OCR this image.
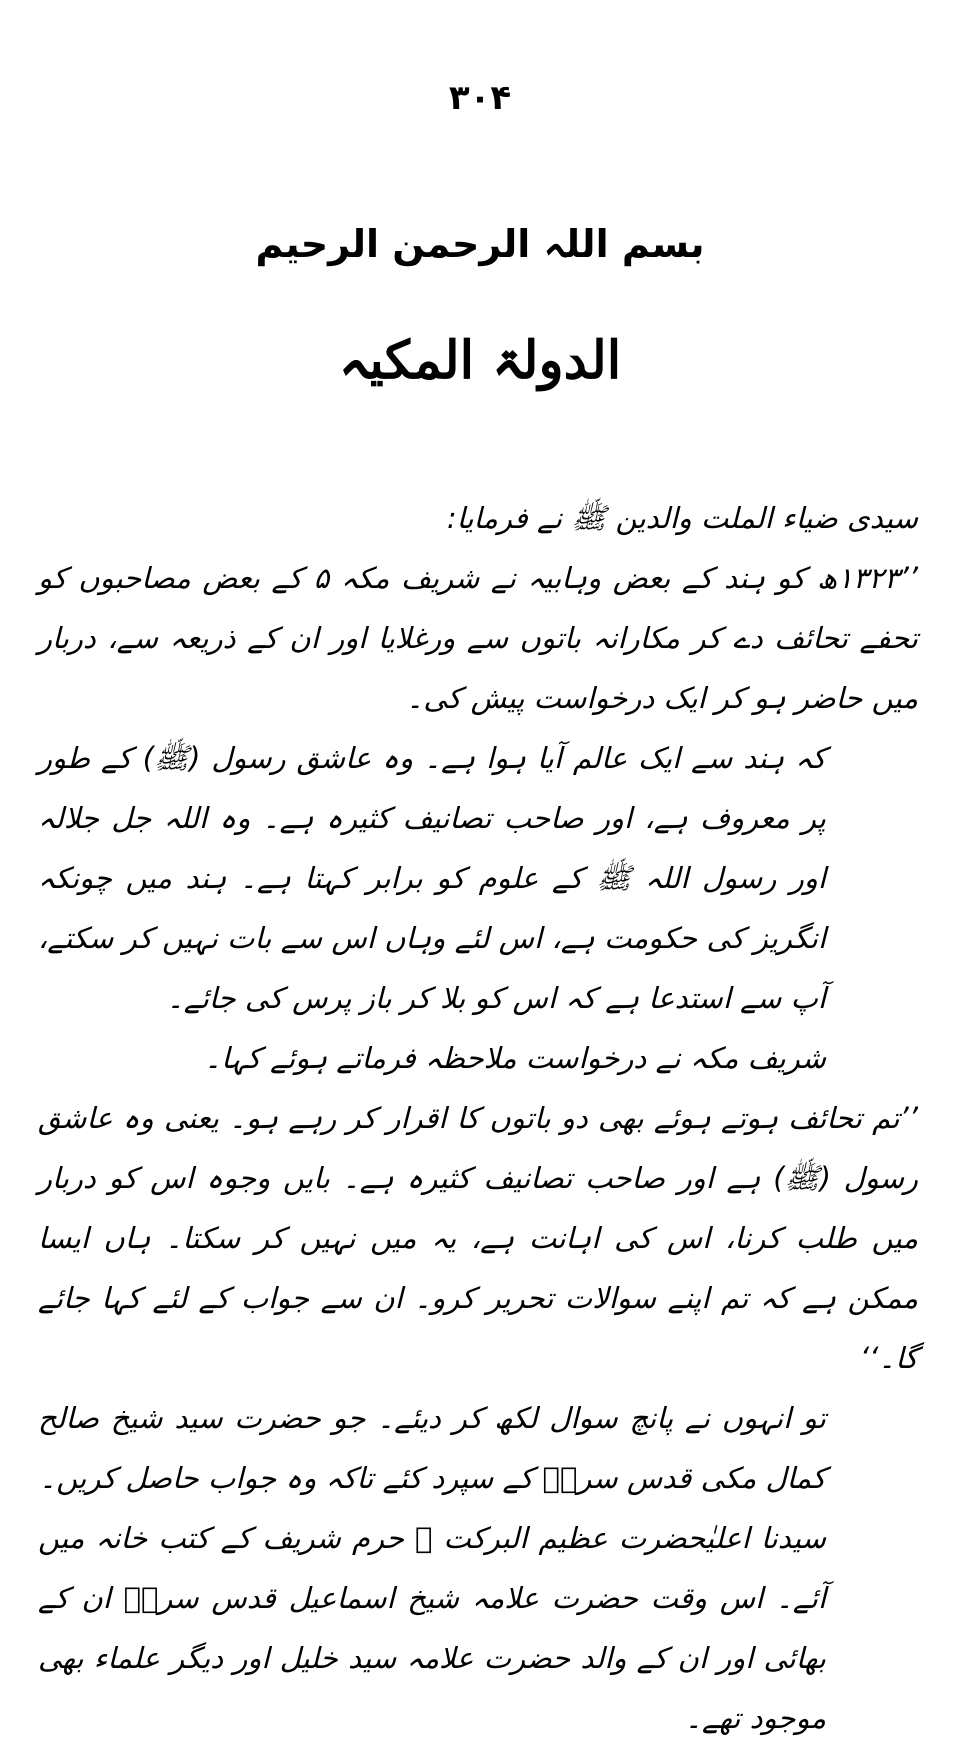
۳۰۴
بسم اللہ الرحمن الرحیم
الدولۃ المکیہ

سیدی ضیاء الملت والدین ﷺ نے فرمایا:

’’۱۳۲۳ھ کو ہند کے بعض وہابیہ نے شریف مکہ ۵ کے بعض مصاحبوں کو تحفے تحائف دے کر مکارانہ باتوں سے ورغلایا اور ان کے ذریعہ سے، دربار میں حاضر ہو کر ایک درخواست پیش کی۔

کہ ہند سے ایک عالم آیا ہوا ہے۔ وہ عاشق رسول (ﷺ) کے طور پر معروف ہے، اور صاحب تصانیف کثیرہ ہے۔ وہ اللہ جل جلالہ اور رسول اللہ ﷺ کے علوم کو برابر کہتا ہے۔ ہند میں چونکہ انگریز کی حکومت ہے، اس لئے وہاں اس سے بات نہیں کر سکتے، آپ سے استدعا ہے کہ اس کو بلا کر باز پرس کی جائے۔

شریف مکہ نے درخواست ملاحظہ فرماتے ہوئے کہا۔

’’تم تحائف ہوتے ہوئے بھی دو باتوں کا اقرار کر رہے ہو۔ یعنی وہ عاشق رسول (ﷺ) ہے اور صاحب تصانیف کثیرہ ہے۔ بایں وجوہ اس کو دربار میں طلب کرنا، اس کی اہانت ہے، یہ میں نہیں کر سکتا۔ ہاں ایسا ممکن ہے کہ تم اپنے سوالات تحریر کرو۔ ان سے جواب کے لئے کہا جائے گا۔‘‘

تو انہوں نے پانچ سوال لکھ کر دیئے۔ جو حضرت سید شیخ صالح کمال مکی قدس سرہٗ کے سپرد کئے تاکہ وہ جواب حاصل کریں۔

سیدنا اعلیٰحضرت عظیم البرکت ﷺ حرم شریف کے کتب خانہ میں آئے۔ اس وقت حضرت علامہ شیخ اسماعیل قدس سرہٗ ان کے بھائی اور ان کے والد حضرت علامہ سید خلیل اور دیگر علماء بھی موجود تھے۔
